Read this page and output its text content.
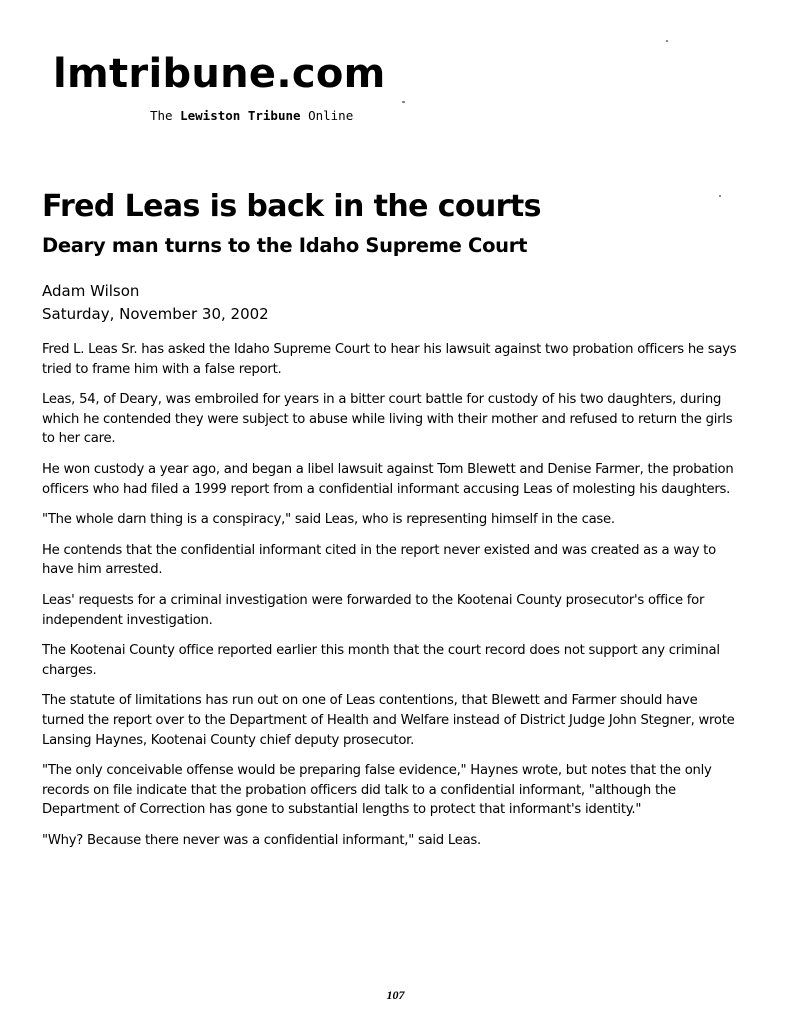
lmtribune.com
The Lewiston Tribune Online
Fred Leas is back in the courts
Deary man turns to the Idaho Supreme Court
Adam Wilson
Saturday, November 30, 2002

Fred L. Leas Sr. has asked the Idaho Supreme Court to hear his lawsuit against two probation officers he says tried to frame him with a false report.

Leas, 54, of Deary, was embroiled for years in a bitter court battle for custody of his two daughters, during which he contended they were subject to abuse while living with their mother and refused to return the girls to her care.

He won custody a year ago, and began a libel lawsuit against Tom Blewett and Denise Farmer, the probation officers who had filed a 1999 report from a confidential informant accusing Leas of molesting his daughters.

"The whole darn thing is a conspiracy," said Leas, who is representing himself in the case.

He contends that the confidential informant cited in the report never existed and was created as a way to have him arrested.

Leas' requests for a criminal investigation were forwarded to the Kootenai County prosecutor's office for independent investigation.

The Kootenai County office reported earlier this month that the court record does not support any criminal charges.

The statute of limitations has run out on one of Leas contentions, that Blewett and Farmer should have turned the report over to the Department of Health and Welfare instead of District Judge John Stegner, wrote Lansing Haynes, Kootenai County chief deputy prosecutor.

"The only conceivable offense would be preparing false evidence," Haynes wrote, but notes that the only records on file indicate that the probation officers did talk to a confidential informant, "although the Department of Correction has gone to substantial lengths to protect that informant's identity."

"Why? Because there never was a confidential informant," said Leas.

107
